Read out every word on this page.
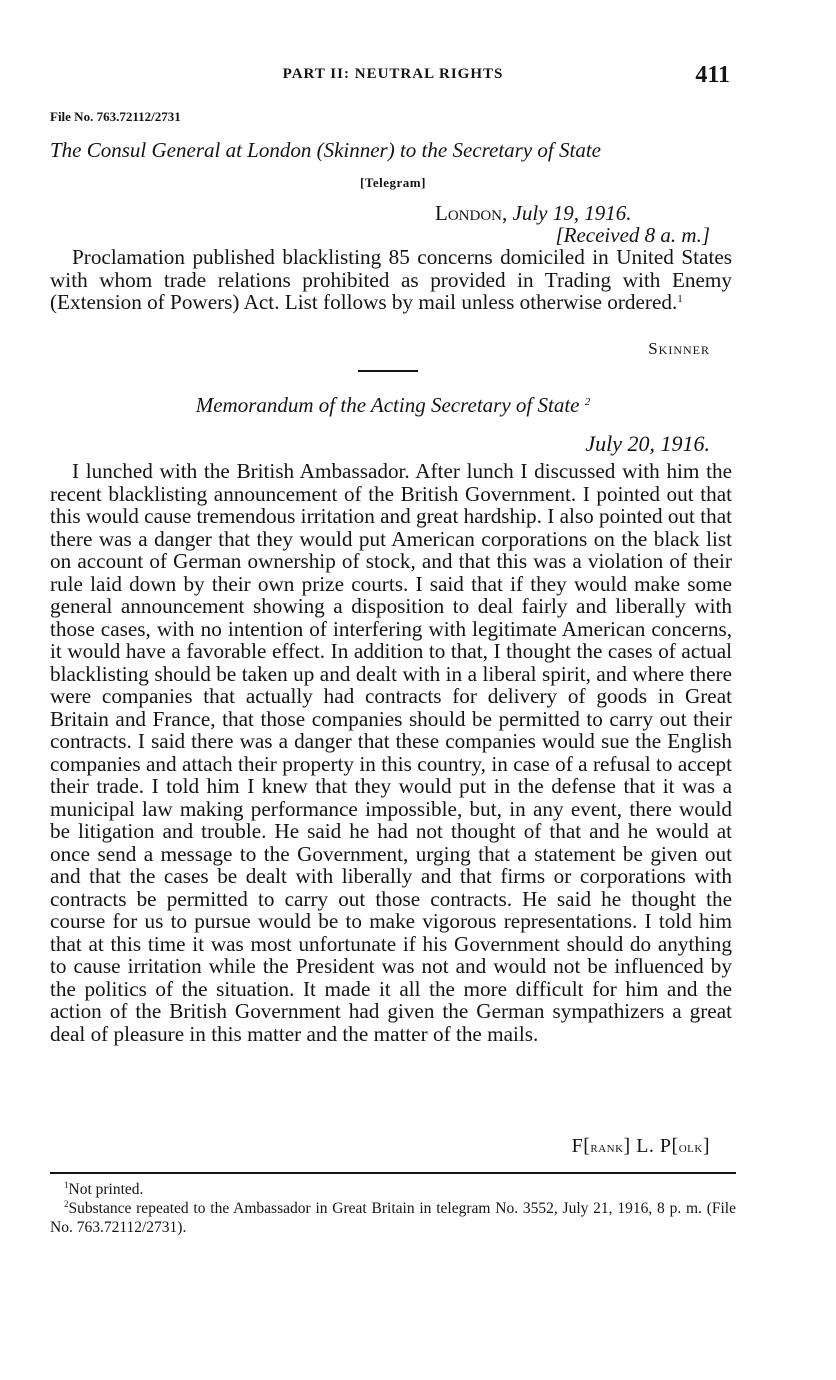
PART II: NEUTRAL RIGHTS	411
File No. 763.72112/2731
The Consul General at London (Skinner) to the Secretary of State
[Telegram]
London, July 19, 1916.
[Received 8 a. m.]

Proclamation published blacklisting 85 concerns domiciled in United States with whom trade relations prohibited as provided in Trading with Enemy (Extension of Powers) Act. List follows by mail unless otherwise ordered.$^1$

Skinner
Memorandum of the Acting Secretary of State $^2$
July 20, 1916.

I lunched with the British Ambassador. After lunch I discussed with him the recent blacklisting announcement of the British Government. I pointed out that this would cause tremendous irritation and great hardship. I also pointed out that there was a danger that they would put American corporations on the black list on account of German ownership of stock, and that this was a violation of their rule laid down by their own prize courts. I said that if they would make some general announcement showing a disposition to deal fairly and liberally with those cases, with no intention of interfering with legitimate American concerns, it would have a favorable effect. In addition to that, I thought the cases of actual blacklisting should be taken up and dealt with in a liberal spirit, and where there were companies that actually had contracts for delivery of goods in Great Britain and France, that those companies should be permitted to carry out their contracts. I said there was a danger that these companies would sue the English companies and attach their property in this country, in case of a refusal to accept their trade. I told him I knew that they would put in the defense that it was a municipal law making performance impossible, but, in any event, there would be litigation and trouble. He said he had not thought of that and he would at once send a message to the Government, urging that a statement be given out and that the cases be dealt with liberally and that firms or corporations with contracts be permitted to carry out those contracts. He said he thought the course for us to pursue would be to make vigorous representations. I told him that at this time it was most unfortunate if his Government should do anything to cause irritation while the President was not and would not be influenced by the politics of the situation. It made it all the more difficult for him and the action of the British Government had given the German sympathizers a great deal of pleasure in this matter and the matter of the mails.

F[rank] L. P[olk]

$^1$Not printed.

$^2$Substance repeated to the Ambassador in Great Britain in telegram No. 3552, July 21, 1916, 8 p. m. (File No. 763.72112/2731).
